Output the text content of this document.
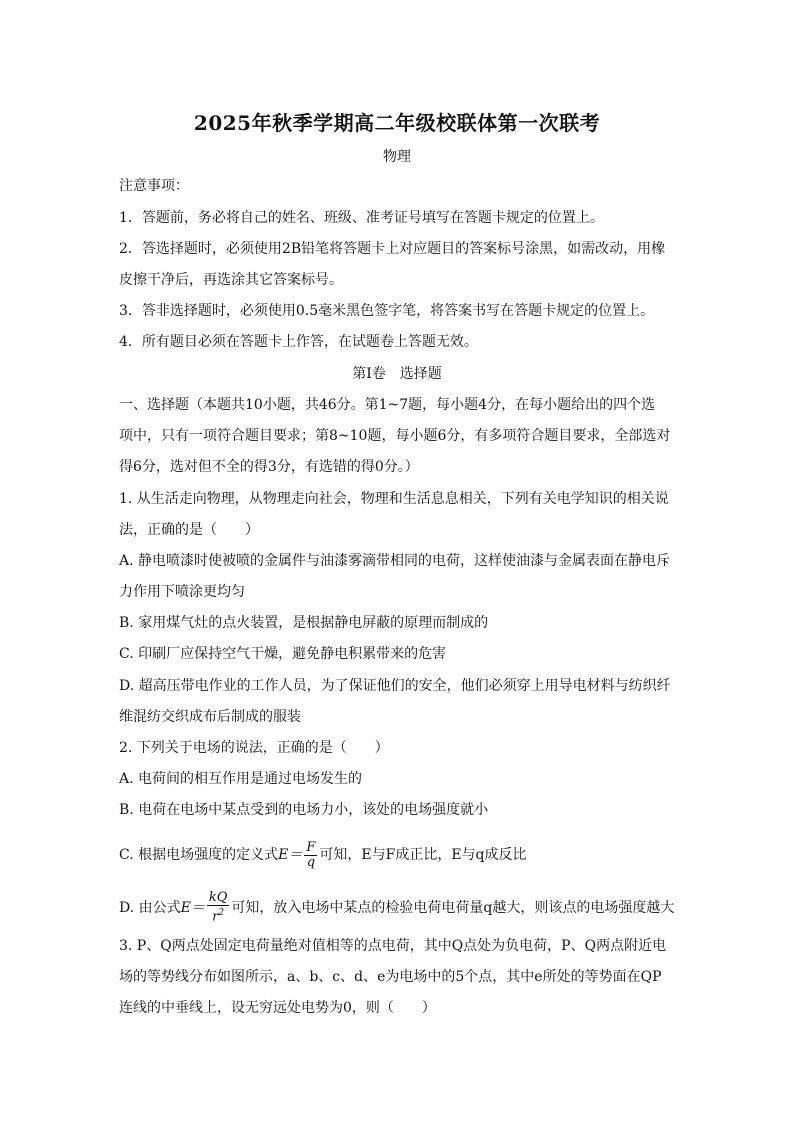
2025年秋季学期高二年级校联体第一次联考
物理
注意事项：
1．答题前，务必将自己的姓名、班级、准考证号填写在答题卡规定的位置上。
2．答选择题时，必须使用2B铅笔将答题卡上对应题目的答案标号涂黑，如需改动，用橡
皮擦干净后，再选涂其它答案标号。
3．答非选择题时，必须使用0.5毫米黑色签字笔，将答案书写在答题卡规定的位置上。
4．所有题目必须在答题卡上作答，在试题卷上答题无效。
第Ⅰ卷　选择题
一、选择题（本题共10小题，共46分。第1~7题，每小题4分，在每小题给出的四个选
项中，只有一项符合题目要求；第8~10题，每小题6分，有多项符合题目要求，全部选对
得6分，选对但不全的得3分，有选错的得0分。）
1. 从生活走向物理，从物理走向社会，物理和生活息息相关，下列有关电学知识的相关说
法，正确的是（　　）
A. 静电喷漆时使被喷的金属件与油漆雾滴带相同的电荷，这样使油漆与金属表面在静电斥
力作用下喷涂更均匀
B. 家用煤气灶的点火装置，是根据静电屏蔽的原理而制成的
C. 印刷厂应保持空气干燥，避免静电积累带来的危害
D. 超高压带电作业的工作人员，为了保证他们的安全，他们必须穿上用导电材料与纺织纤
维混纺交织成布后制成的服装
2. 下列关于电场的说法，正确的是（　　）
A. 电荷间的相互作用是通过电场发生的
B. 电荷在电场中某点受到的电场力小，该处的电场强度就小
C. 根据电场强度的定义式 $E= \frac{F}{q}$ 可知，E与F成正比，E与q成反比
D. 由公式 $E= \frac{kQ}{r^2}$ 可知，放入电场中某点的检验电荷电荷量q越大，则该点的电场强度越大
3. P、Q两点处固定电荷量绝对值相等的点电荷，其中Q点处为负电荷，P、Q两点附近电
场的等势线分布如图所示，a、b、c、d、e为电场中的5个点，其中e所处的等势面在QP
连线的中垂线上，设无穷远处电势为0，则（　　）
